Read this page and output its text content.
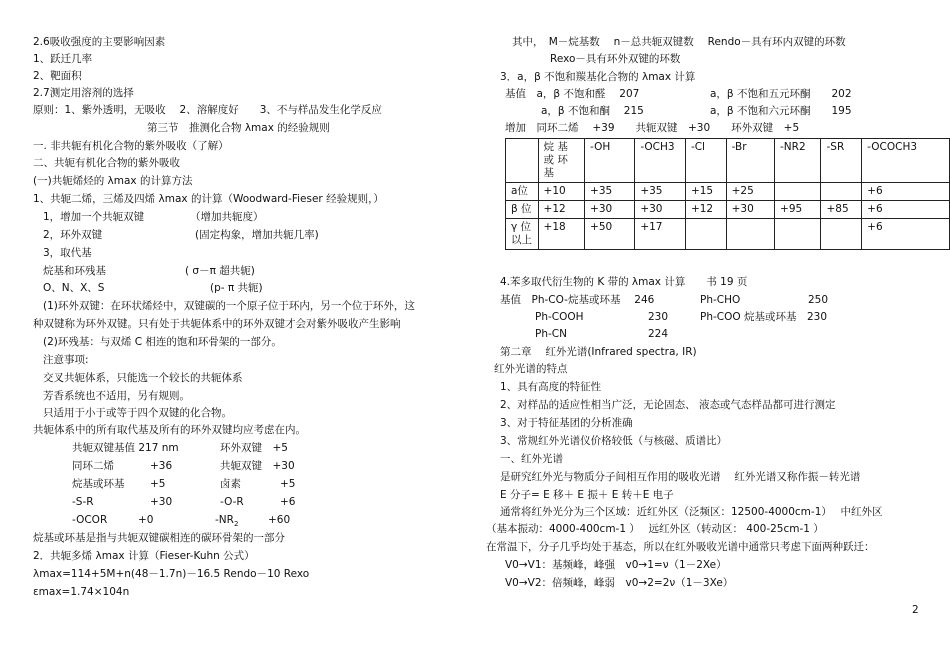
2.6吸收强度的主要影响因素
1、跃迁几率
2、靶面积
2.7测定用溶剂的选择
原则：1、紫外透明，无吸收　 2、溶解度好　　3、不与样品发生化学反应
第三节　推测化合物 λmax 的经验规则
一. 非共轭有机化合物的紫外吸收（了解）
二、共轭有机化合物的紫外吸收
(一)共轭烯烃的 λmax 的计算方法
1、共轭二烯，三烯及四烯 λmax 的计算（Woodward-Fieser 经验规则，）
1，增加一个共轭双键	（增加共轭度）
2，环外双键	(固定构象，增加共轭几率)
3，取代基
烷基和环残基	( σ－π 超共轭)
O、N、X、S	(p- π 共轭)
(1)环外双键：在环状烯烃中，双键碳的一个原子位于环内，另一个位于环外，这
种双键称为环外双键。只有处于共轭体系中的环外双键才会对紫外吸收产生影响
(2)环残基：与双烯 C 相连的饱和环骨架的一部分。
注意事项:
交叉共轭体系，只能选一个较长的共轭体系
芳香系统也不适用，另有规则。
只适用于小于或等于四个双键的化合物。
共轭体系中的所有取代基及所有的环外双键均应考虑在内。
共轭双键基值 217 nm	环外双键　+5
同环二烯	+36	共轭双键　+30
烷基或环基 +5	卤素	+5
-S-R	+30	-O-R	+6
-OCOR	+0	$-NR_2$	+60
烷基或环基是指与共轭双键碳相连的碳环骨架的一部分
2．共轭多烯 λmax 计算（Fieser-Kuhn 公式）
λmax=114+5M+n(48－1.7n)－16.5 Rendo－10 Rexo
εmax=1.74×104n
其中，　M－烷基数　 n－总共轭双键数　 Rendo－具有环内双键的环数
Rexo－具有环外双键的环数
3．a，β 不饱和羰基化合物的 λmax 计算
基值　a，β 不饱和醛　 207	a，β 不饱和五元环酮　　202
a，β 不饱和酮　 215	a，β 不饱和六元环酮　　195
增加　同环二烯　 +39　　共轭双键　+30　　环外双键　+5
	烷 基
或 环
基	-OH	-OCH3	-Cl	-Br	-NR2	-SR	-OCOCH3
a位	+10	+35	+35	+15	+25			+6
β 位	+12	+30	+30	+12	+30	+95	+85	+6
γ 位
以上	+18	+50	+17					+6
4.苯多取代衍生物的 K 带的 λmax 计算　　书 19 页
基值　Ph-CO-烷基或环基　 246	Ph-CHO	250
Ph-COOH	230	Ph-COO 烷基或环基　230
Ph-CN	224
第二章　 红外光谱(Infrared spectra, IR)
红外光谱的特点
1、具有高度的特征性
2、对样品的适应性相当广泛，无论固态、 液态或气态样品都可进行测定
3、对于特征基团的分析准确
3、常规红外光谱仪价格较低（与核磁、质谱比）
一、红外光谱
是研究红外光与物质分子间相互作用的吸收光谱　 红外光谱又称作振－转光谱
E 分子= E 移＋ E 振＋ E 转＋E 电子
通常将红外光分为三个区域：近红外区（泛频区：12500-4000cm-1）　 中红外区
（基本振动：4000-400cm-1 ）　 远红外区（转动区： 400-25cm-1 ）
在常温下，分子几乎均处于基态，所以在红外吸收光谱中通常只考虑下面两种跃迁：
V0→V1：基频峰，峰强　v0→1=ν（1－2Xe）
V0→V2：倍频峰，峰弱　v0→2=2ν（1－3Xe）
2
